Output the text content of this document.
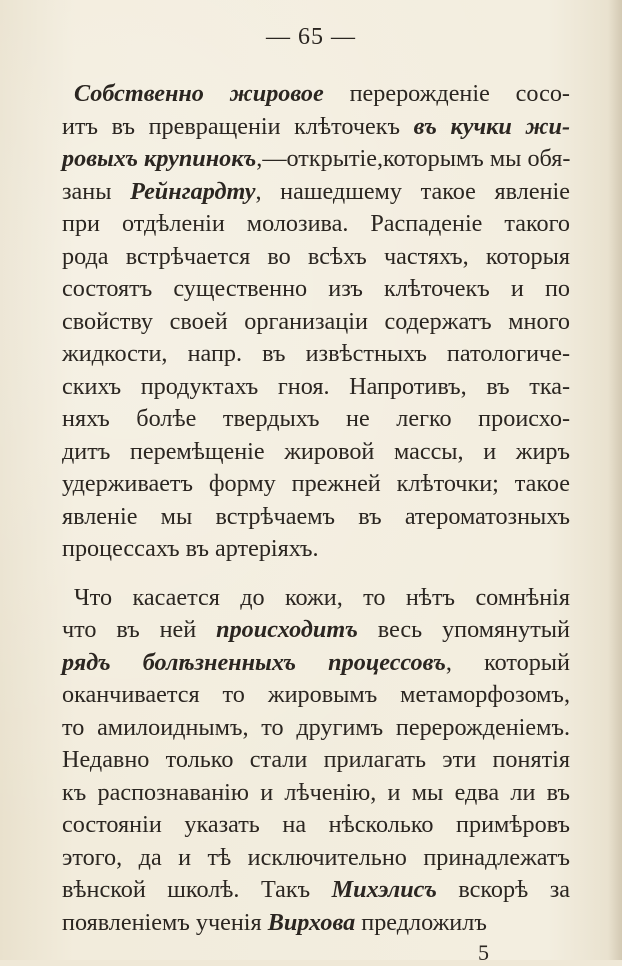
— 65 —
Собственно жировое перерожденіе сосо-
итъ въ превращеніи клѣточекъ въ кучки жи-
ровыхъ крупинокъ,—открытіе,которымъ мы обя-
заны Рейнгардту, нашедшему такое явленіе
при отдѣленіи молозива. Распаденіе такого
рода встрѣчается во всѣхъ частяхъ, которыя
состоятъ существенно изъ клѣточекъ и по
свойству своей организаціи содержатъ много
жидкости, напр. въ извѣстныхъ патологиче-
скихъ продуктахъ гноя. Напротивъ, въ тка-
няхъ болѣе твердыхъ не легко происхо-
дитъ перемѣщеніе жировой массы, и жиръ
удерживаетъ форму прежней клѣточки; такое
явленіе мы встрѣчаемъ въ атероматозныхъ
процессахъ въ артеріяхъ.
Что касается до кожи, то нѣтъ сомнѣнія
что въ ней происходитъ весь упомянутый
рядъ болѣзненныхъ процессовъ, который
оканчивается то жировымъ метаморфозомъ,
то амилоиднымъ, то другимъ перерожденіемъ.
Недавно только стали прилагать эти понятія
къ распознаванію и лѣченію, и мы едва ли въ
состояніи указать на нѣсколько примѣровъ
этого, да и тѣ исключительно принадлежатъ
вѣнской школѣ. Такъ Михэлисъ вскорѣ за
появленіемъ ученія Вирхова предложилъ
5
